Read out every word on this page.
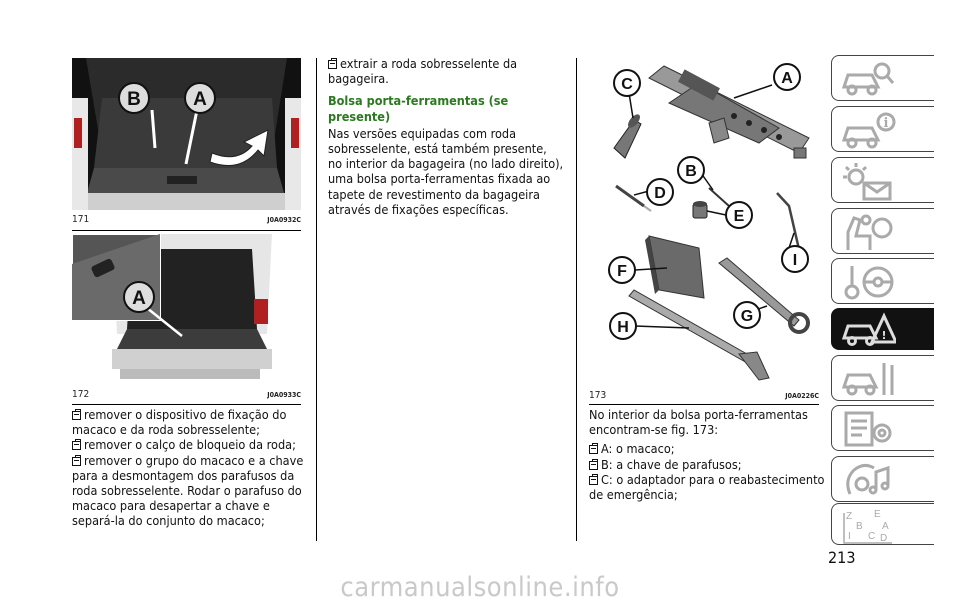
B	A
171	J0A0932C
A
172	J0A0933C
remover o dispositivo de fixação do macaco e da roda sobresselente;
remover o calço de bloqueio da roda;
remover o grupo do macaco e a chave para a desmontagem dos parafusos da roda sobresselente. Rodar o parafuso do macaco para desapertar a chave e separá-la do conjunto do macaco;
extrair a roda sobresselente da bagageira.
Bolsa porta-ferramentas (se presente)
Nas versões equipadas com roda sobresselente, está também presente, no interior da bagageira (no lado direito), uma bolsa porta-ferramentas fixada ao tapete de revestimento da bagageira através de fixações específicas.
A
C
B
D
E
F
G
H
I
173	J0A0226C
No interior da bolsa porta-ferramentas encontram-se fig. 173:
A: o macaco;
B: a chave de parafusos;
C: o adaptador para o reabastecimento de emergência;
i
!
Z E
B A
I C D
213
carmanualsonline.info
